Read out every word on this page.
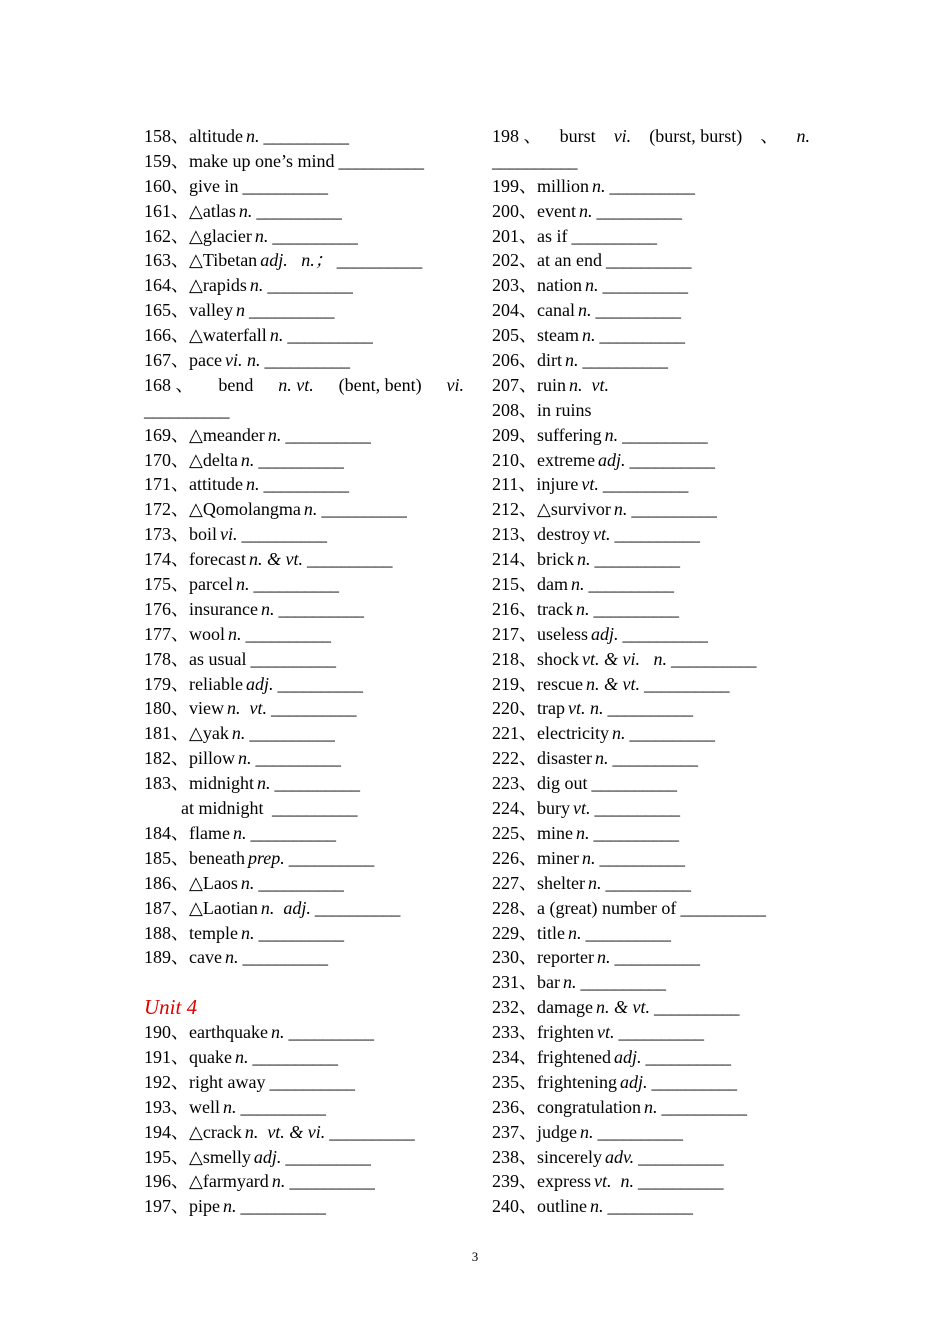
158、altitude n. __________
159、make up one’s mind __________
160、give in __________
161、△atlas n. __________
162、△glacier n. __________
163、△Tibetan adj.   n.； __________
164、△rapids n. __________
165、valley n __________
166、△waterfall n. __________
167、pace vi. n. __________
168 、 bend n. vt. (bent, bent) vi.
__________
169、△meander n. __________
170、△delta n. __________
171、attitude n. __________
172、△Qomolangma n. __________
173、boil vi. __________
174、forecast n. & vt. __________
175、parcel n. __________
176、insurance n. __________
177、wool n. __________
178、as usual __________
179、reliable adj. __________
180、view n.  vt. __________
181、△yak n. __________
182、pillow n. __________
183、midnight n. __________
at midnight __________
184、flame n. __________
185、beneath prep. __________
186、△Laos n. __________
187、△Laotian n.  adj. __________
188、temple n. __________
189、cave n. __________
Unit 4
190、earthquake n. __________
191、quake n. __________
192、right away __________
193、well n. __________
194、△crack n.  vt. & vi. __________
195、△smelly adj. __________
196、△farmyard n. __________
197、pipe n. __________
198 、 burst vi. (burst, burst) 、 n.
__________
199、million n. __________
200、event n. __________
201、as if __________
202、at an end __________
203、nation n. __________
204、canal n. __________
205、steam n. __________
206、dirt n. __________
207、ruin n.  vt.
208、in ruins
209、suffering n. __________
210、extreme adj. __________
211、injure vt. __________
212、△survivor n. __________
213、destroy vt. __________
214、brick n. __________
215、dam n. __________
216、track n. __________
217、useless adj. __________
218、shock vt. & vi.   n. __________
219、rescue n. & vt. __________
220、trap vt. n. __________
221、electricity n. __________
222、disaster n. __________
223、dig out __________
224、bury vt. __________
225、mine n. __________
226、miner n. __________
227、shelter n. __________
228、a (great) number of __________
229、title n. __________
230、reporter n. __________
231、bar n. __________
232、damage n. & vt. __________
233、frighten vt. __________
234、frightened adj. __________
235、frightening adj. __________
236、congratulation n. __________
237、judge n. __________
238、sincerely adv. __________
239、express vt.  n. __________
240、outline n. __________
3
